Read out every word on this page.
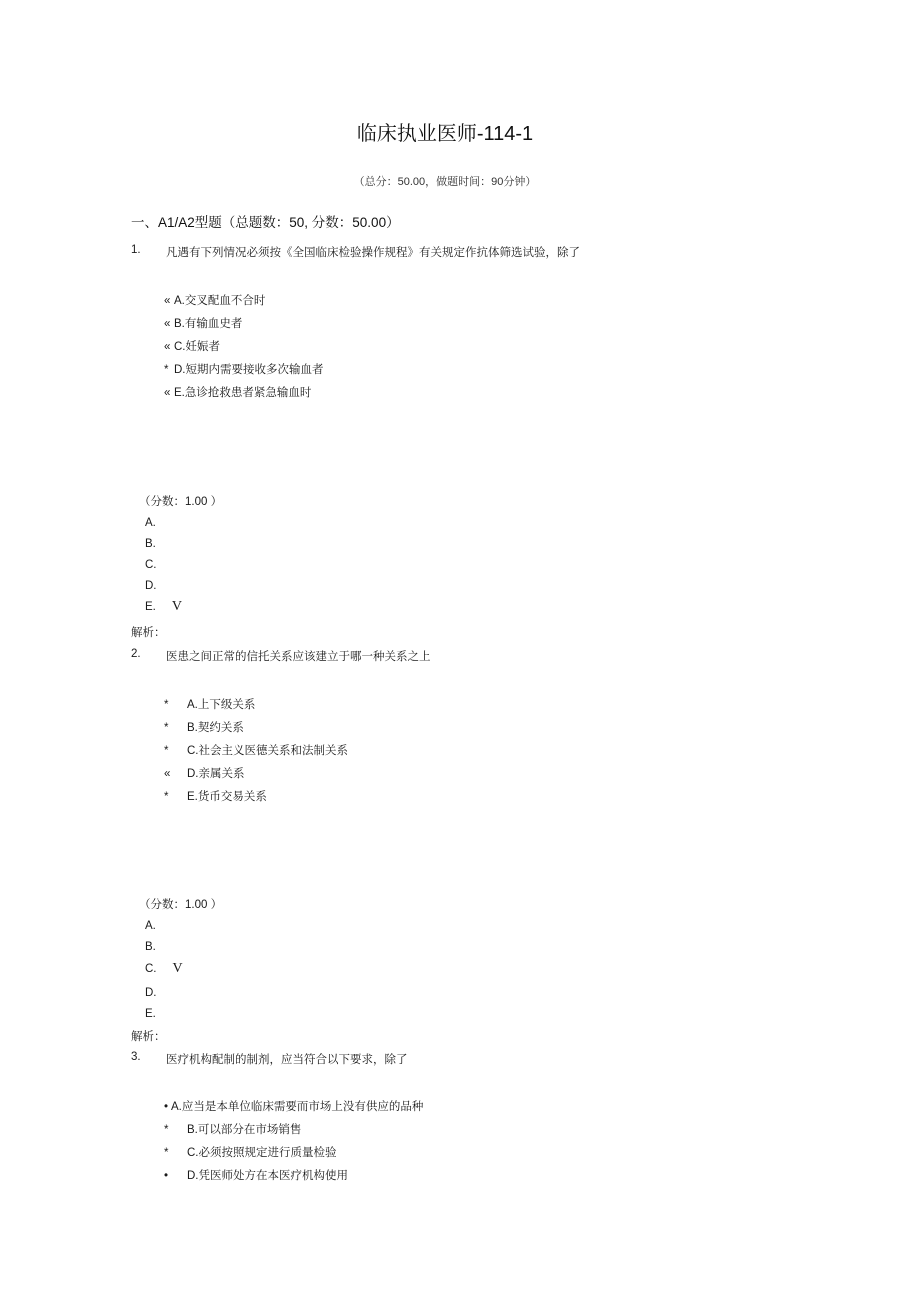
临床执业医师-114-1
（总分：50.00，做题时间：90分钟）
一、A1/A2型题（总题数：50, 分数：50.00）
1. 凡遇有下列情况必须按《全国临床检验操作规程》有关规定作抗体筛选试验，除了
« A.交叉配血不合时
« B.有输血史者
« C.妊娠者
* D.短期内需要接收多次输血者
« E.急诊抢救患者紧急输血时
（分数：1.00 ）
A.
B.
C.
D.
E. V
解析：
2. 医患之间正常的信托关系应该建立于哪一种关系之上
* A.上下级关系
* B.契约关系
* C.社会主义医德关系和法制关系
« D.亲属关系
* E.货币交易关系
（分数：1.00 ）
A.
B.
C. V
D.
E.
解析：
3. 医疗机构配制的制剂，应当符合以下要求，除了
• A.应当是本单位临床需要而市场上没有供应的品种
* B.可以部分在市场销售
* C.必须按照规定进行质量检验
• D.凭医师处方在本医疗机构使用
